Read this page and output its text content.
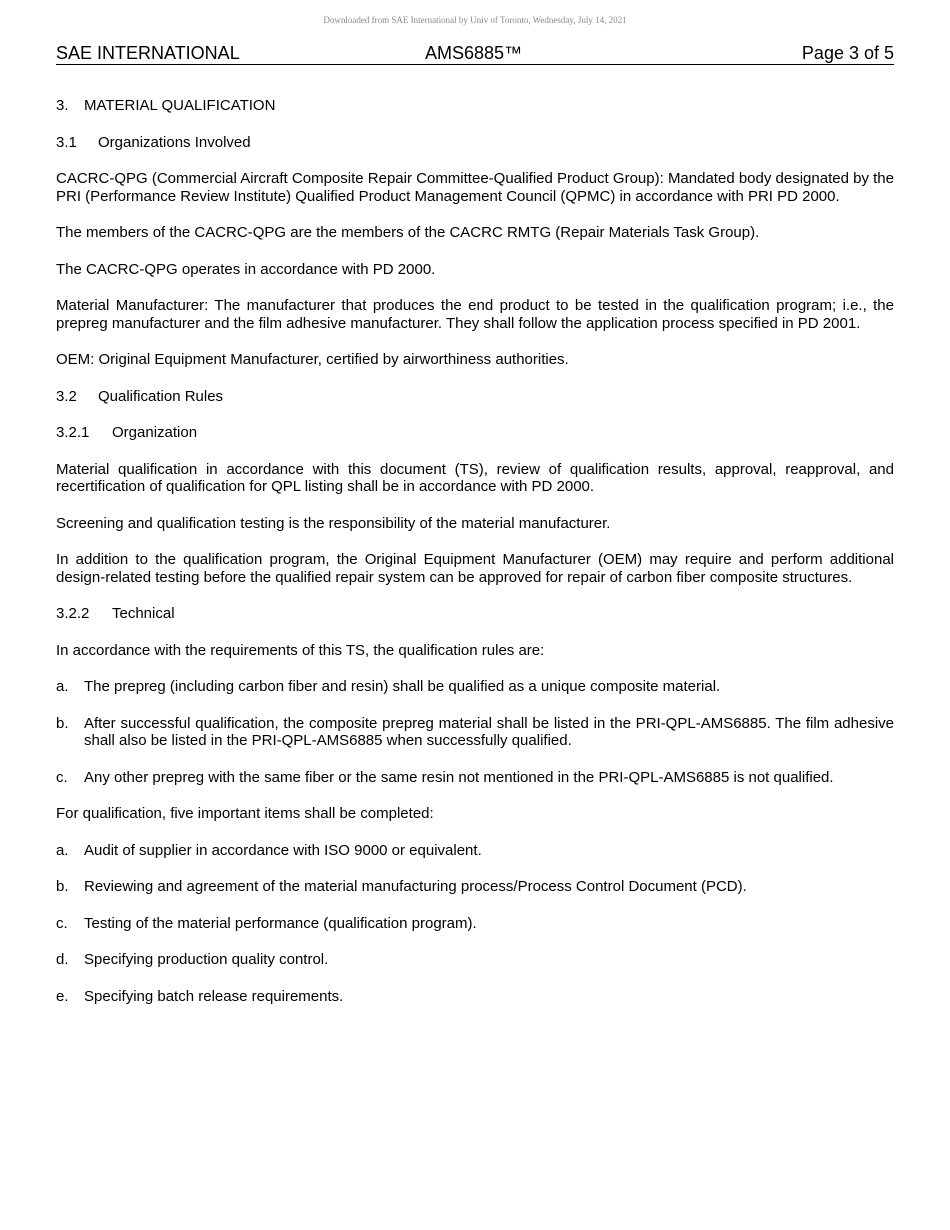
Downloaded from SAE International by Univ of Toronto, Wednesday, July 14, 2021
SAE INTERNATIONAL	AMS6885™	Page 3 of 5
3.	MATERIAL QUALIFICATION
3.1	Organizations Involved

CACRC-QPG (Commercial Aircraft Composite Repair Committee-Qualified Product Group): Mandated body designated by the PRI (Performance Review Institute) Qualified Product Management Council (QPMC) in accordance with PRI PD 2000.

The members of the CACRC-QPG are the members of the CACRC RMTG (Repair Materials Task Group).

The CACRC-QPG operates in accordance with PD 2000.

Material Manufacturer: The manufacturer that produces the end product to be tested in the qualification program; i.e., the prepreg manufacturer and the film adhesive manufacturer. They shall follow the application process specified in PD 2001.

OEM: Original Equipment Manufacturer, certified by airworthiness authorities.

3.2	Qualification Rules
3.2.1	Organization

Material qualification in accordance with this document (TS), review of qualification results, approval, reapproval, and recertification of qualification for QPL listing shall be in accordance with PD 2000.

Screening and qualification testing is the responsibility of the material manufacturer.

In addition to the qualification program, the Original Equipment Manufacturer (OEM) may require and perform additional design-related testing before the qualified repair system can be approved for repair of carbon fiber composite structures.

3.2.2	Technical

In accordance with the requirements of this TS, the qualification rules are:

a.	The prepreg (including carbon fiber and resin) shall be qualified as a unique composite material.
b.	After successful qualification, the composite prepreg material shall be listed in the PRI-QPL-AMS6885. The film adhesive shall also be listed in the PRI-QPL-AMS6885 when successfully qualified.
c.	Any other prepreg with the same fiber or the same resin not mentioned in the PRI-QPL-AMS6885 is not qualified.

For qualification, five important items shall be completed:

a.	Audit of supplier in accordance with ISO 9000 or equivalent.
b.	Reviewing and agreement of the material manufacturing process/Process Control Document (PCD).
c.	Testing of the material performance (qualification program).
d.	Specifying production quality control.
e.	Specifying batch release requirements.
